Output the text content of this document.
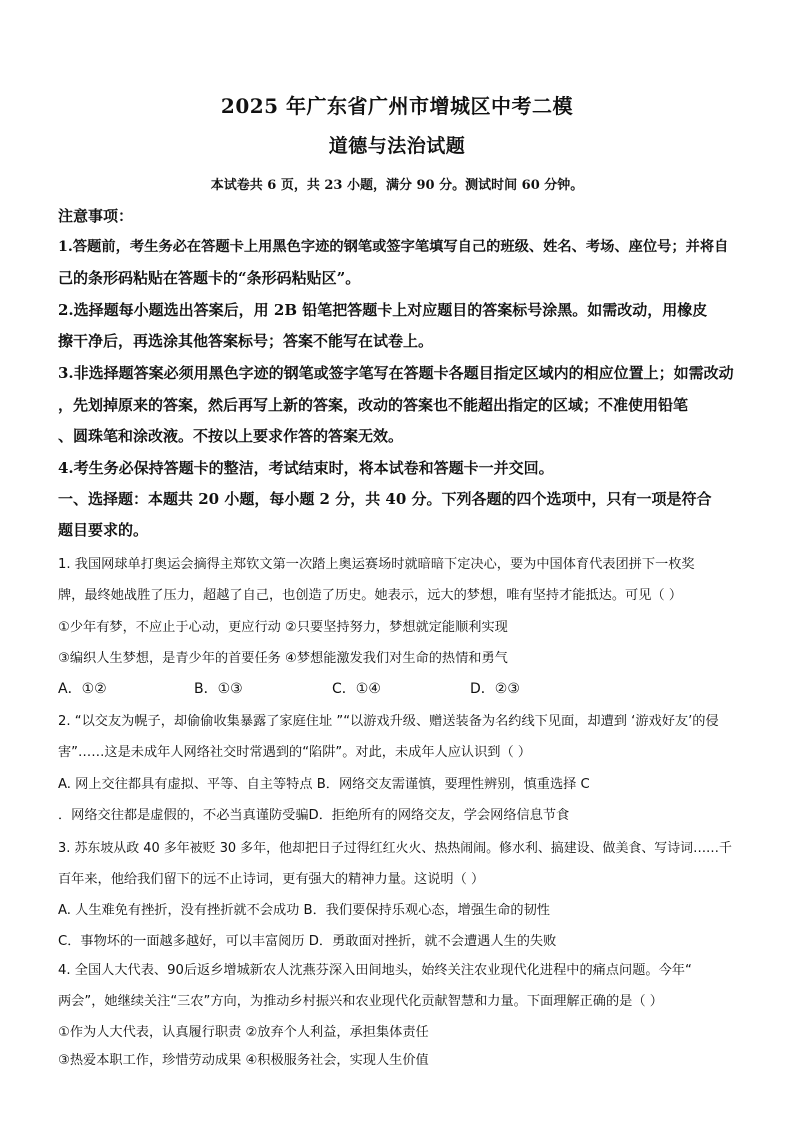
2025 年广东省广州市增城区中考二模
道德与法治试题
本试卷共 6 页，共 23 小题，满分 90 分。测试时间 60 分钟。
注意事项：
1.答题前，考生务必在答题卡上用黑色字迹的钢笔或签字笔填写自己的班级、姓名、考场、座位号；并将自
己的条形码粘贴在答题卡的“条形码粘贴区”。
2.选择题每小题选出答案后，用 2B 铅笔把答题卡上对应题目的答案标号涂黑。如需改动，用橡皮
擦干净后，再选涂其他答案标号；答案不能写在试卷上。
3.非选择题答案必须用黑色字迹的钢笔或签字笔写在答题卡各题目指定区域内的相应位置上；如需改动
，先划掉原来的答案，然后再写上新的答案，改动的答案也不能超出指定的区域；不准使用铅笔
、圆珠笔和涂改液。不按以上要求作答的答案无效。
4.考生务必保持答题卡的整洁，考试结束时，将本试卷和答题卡一并交回。
一、选择题：本题共 20 小题，每小题 2 分，共 40 分。下列各题的四个选项中，只有一项是符合
题目要求的。
1. 我国网球单打奥运会摘得主郑钦文第一次踏上奥运赛场时就暗暗下定决心，要为中国体育代表团拼下一枚奖
牌，最终她战胜了压力，超越了自己，也创造了历史。她表示，远大的梦想，唯有坚持才能抵达。可见（ ）
①少年有梦，不应止于心动，更应行动 ②只要坚持努力，梦想就定能顺利实现
③编织人生梦想，是青少年的首要任务 ④梦想能激发我们对生命的热情和勇气
A．①②	B．①③	C．①④	D．②③
2. “以交友为幌子，却偷偷收集暴露了家庭住址 ”“以游戏升级、赠送装备为名约线下见面，却遭到 ‘游戏好友’的侵
害”……这是未成年人网络社交时常遇到的“陷阱”。对此，未成年人应认识到（ ）
A. 网上交往都具有虚拟、平等、自主等特点 B．网络交友需谨慎，要理性辨别，慎重选择 C
．网络交往都是虚假的，不必当真谨防受骗D．拒绝所有的网络交友，学会网络信息节食
3. 苏东坡从政 40 多年被贬 30 多年，他却把日子过得红红火火、热热闹闹。修水利、搞建设、做美食、写诗词……千
百年来，他给我们留下的远不止诗词，更有强大的精神力量。这说明（ ）
A. 人生难免有挫折，没有挫折就不会成功 B．我们要保持乐观心态，增强生命的韧性
C．事物坏的一面越多越好，可以丰富阅历 D．勇敢面对挫折，就不会遭遇人生的失败
4. 全国人大代表、90后返乡增城新农人沈燕芬深入田间地头，始终关注农业现代化进程中的痛点问题。今年“
两会”，她继续关注“三农”方向，为推动乡村振兴和农业现代化贡献智慧和力量。下面理解正确的是（ ）
①作为人大代表，认真履行职责 ②放弃个人利益，承担集体责任
③热爱本职工作，珍惜劳动成果 ④积极服务社会，实现人生价值
